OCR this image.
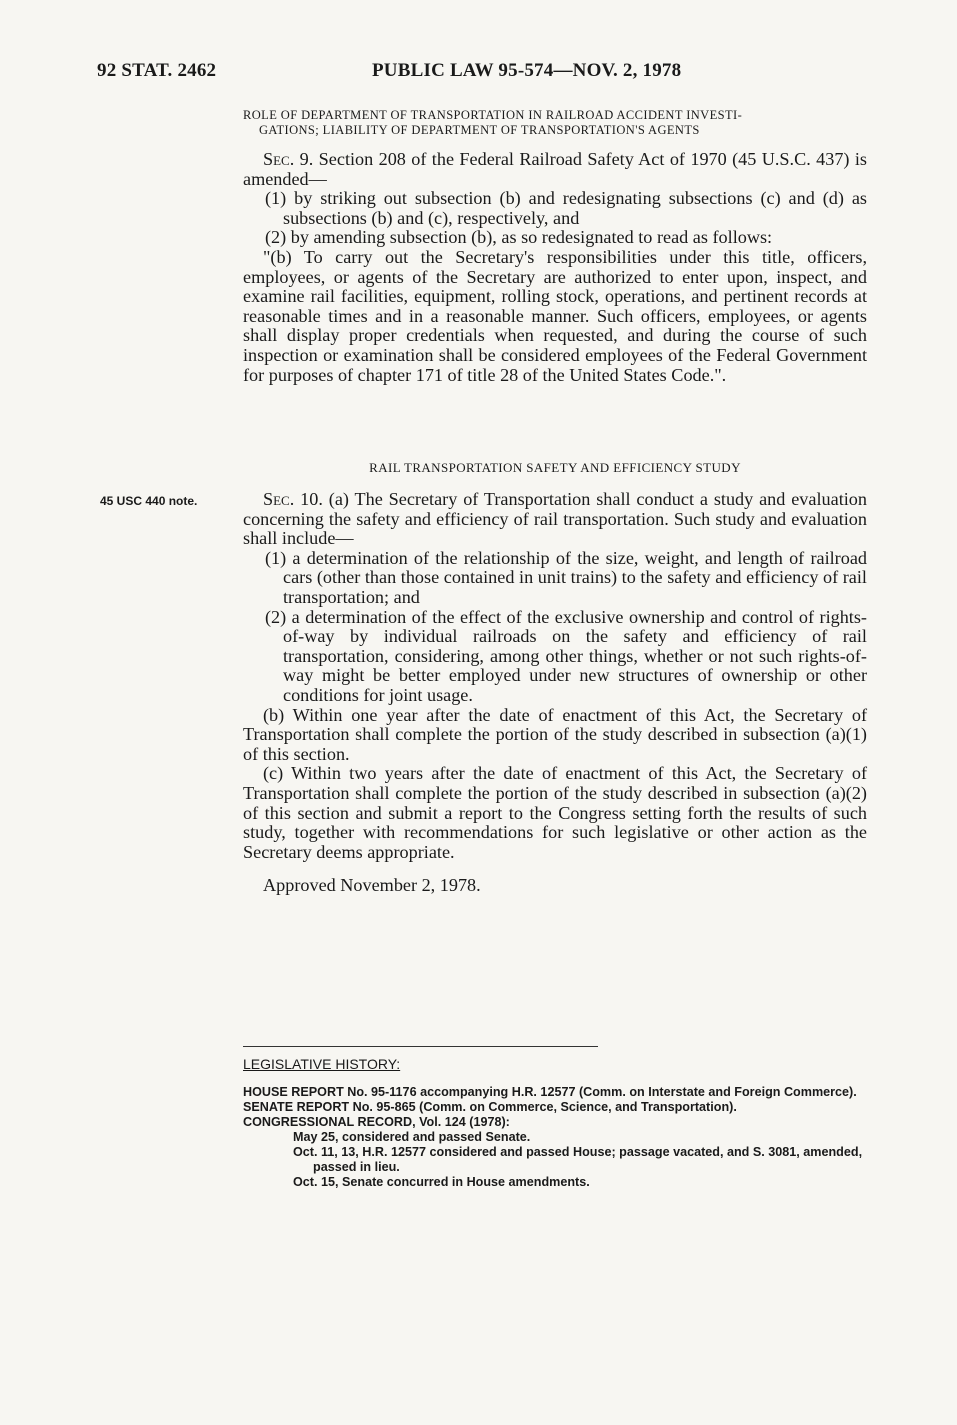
92 STAT. 2462	PUBLIC LAW 95-574—NOV. 2, 1978
ROLE OF DEPARTMENT OF TRANSPORTATION IN RAILROAD ACCIDENT INVESTI-
GATIONS; LIABILITY OF DEPARTMENT OF TRANSPORTATION'S AGENTS

Sec. 9. Section 208 of the Federal Railroad Safety Act of 1970 (45 U.S.C. 437) is amended—

(1) by striking out subsection (b) and redesignating subsections (c) and (d) as subsections (b) and (c), respectively, and

(2) by amending subsection (b), as so redesignated to read as follows:

"(b) To carry out the Secretary's responsibilities under this title, officers, employees, or agents of the Secretary are authorized to enter upon, inspect, and examine rail facilities, equipment, rolling stock, operations, and pertinent records at reasonable times and in a reasonable manner. Such officers, employees, or agents shall display proper credentials when requested, and during the course of such inspection or examination shall be considered employees of the Federal Government for purposes of chapter 171 of title 28 of the United States Code.".

45 USC 440 note.
RAIL TRANSPORTATION SAFETY AND EFFICIENCY STUDY

Sec. 10. (a) The Secretary of Transportation shall conduct a study and evaluation concerning the safety and efficiency of rail transportation. Such study and evaluation shall include—

(1) a determination of the relationship of the size, weight, and length of railroad cars (other than those contained in unit trains) to the safety and efficiency of rail transportation; and

(2) a determination of the effect of the exclusive ownership and control of rights-of-way by individual railroads on the safety and efficiency of rail transportation, considering, among other things, whether or not such rights-of-way might be better employed under new structures of ownership or other conditions for joint usage.

(b) Within one year after the date of enactment of this Act, the Secretary of Transportation shall complete the portion of the study described in subsection (a)(1) of this section.

(c) Within two years after the date of enactment of this Act, the Secretary of Transportation shall complete the portion of the study described in subsection (a)(2) of this section and submit a report to the Congress setting forth the results of such study, together with recommendations for such legislative or other action as the Secretary deems appropriate.

Approved November 2, 1978.

LEGISLATIVE HISTORY:
HOUSE REPORT No. 95-1176 accompanying H.R. 12577 (Comm. on Interstate and Foreign Commerce).
SENATE REPORT No. 95-865 (Comm. on Commerce, Science, and Transportation).
CONGRESSIONAL RECORD, Vol. 124 (1978):
May 25, considered and passed Senate.
Oct. 11, 13, H.R. 12577 considered and passed House; passage vacated, and S. 3081, amended, passed in lieu.
Oct. 15, Senate concurred in House amendments.
